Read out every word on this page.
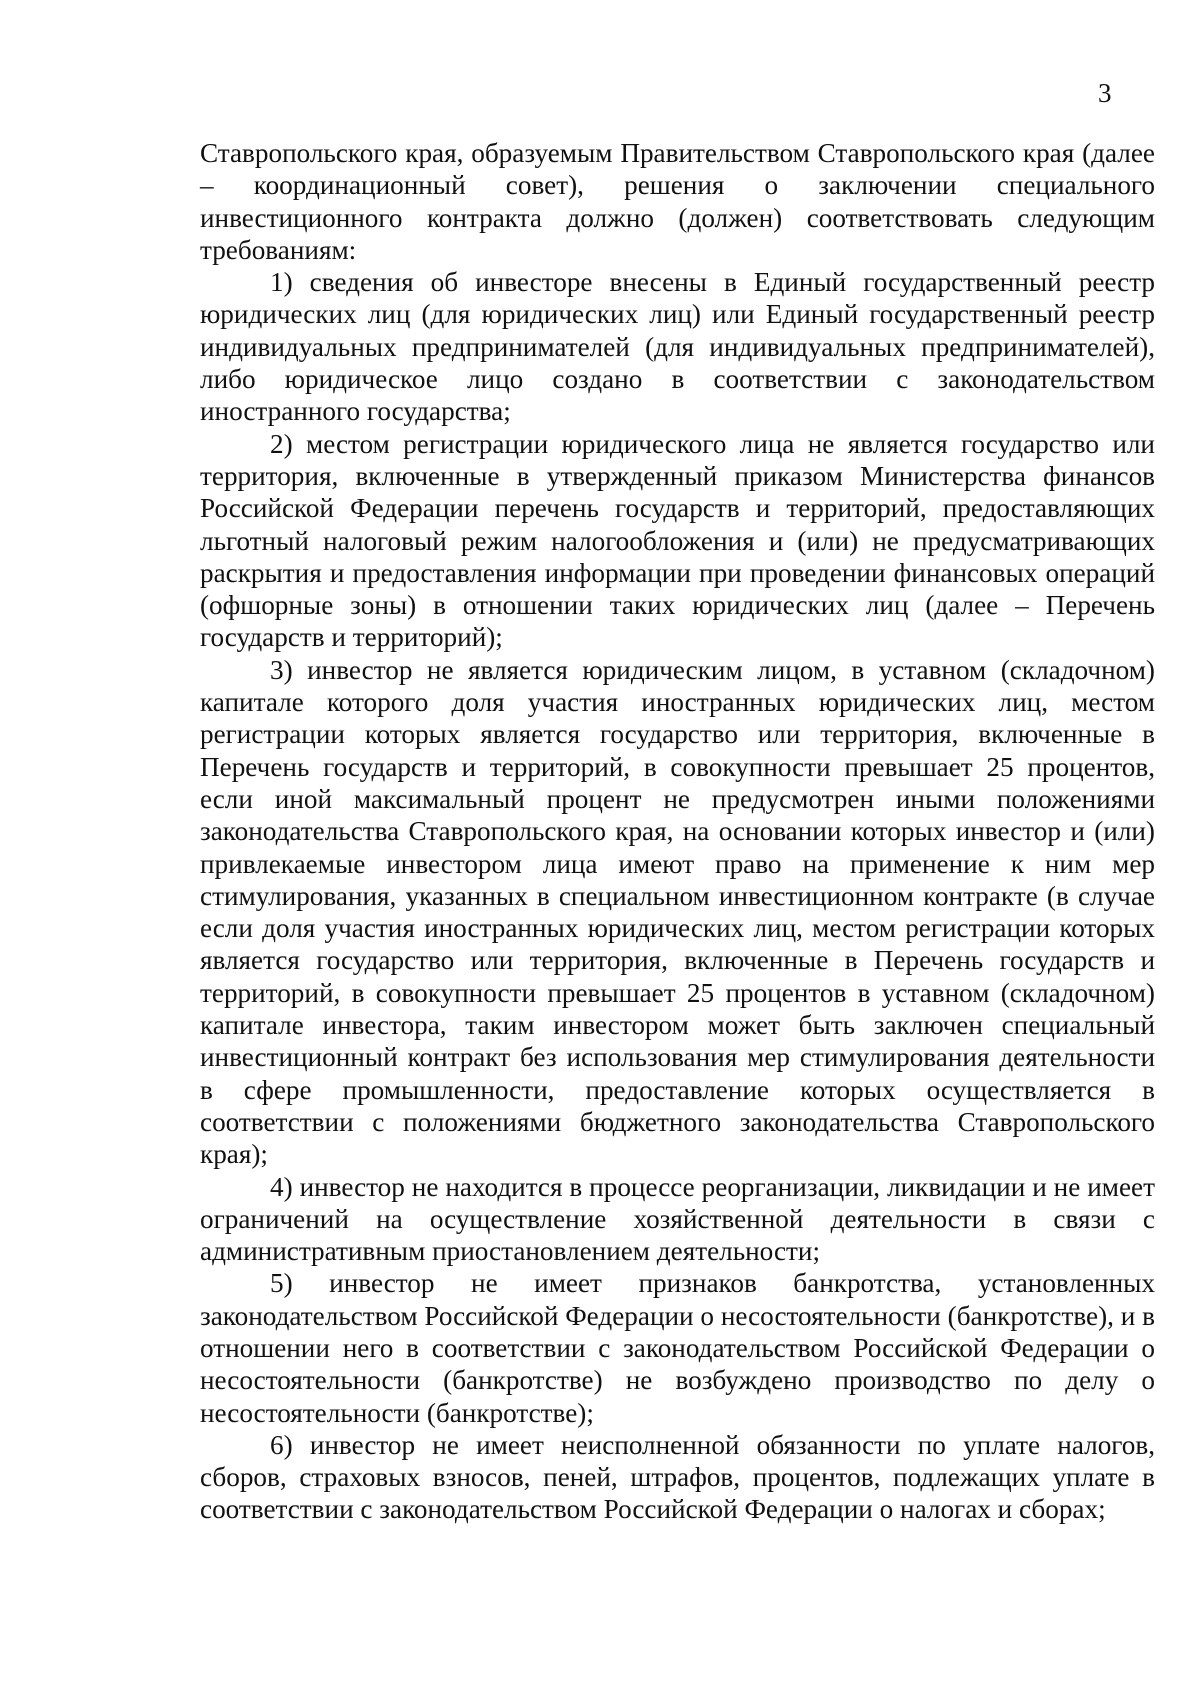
3

Ставропольского края, образуемым Правительством Ставропольского края (далее – координационный совет), решения о заключении специального инвестиционного контракта должно (должен) соответствовать следующим требованиям:

1) сведения об инвесторе внесены в Единый государственный реестр юридических лиц (для юридических лиц) или Единый государственный реестр индивидуальных предпринимателей (для индивидуальных предпринимателей), либо юридическое лицо создано в соответствии с законодательством иностранного государства;

2) местом регистрации юридического лица не является государство или территория, включенные в утвержденный приказом Министерства финансов Российской Федерации перечень государств и территорий, предоставляющих льготный налоговый режим налогообложения и (или) не предусматривающих раскрытия и предоставления информации при проведении финансовых операций (офшорные зоны) в отношении таких юридических лиц (далее – Перечень государств и территорий);

3) инвестор не является юридическим лицом, в уставном (складочном) капитале которого доля участия иностранных юридических лиц, местом регистрации которых является государство или территория, включенные в Перечень государств и территорий, в совокупности превышает 25 процентов, если иной максимальный процент не предусмотрен иными положениями законодательства Ставропольского края, на основании которых инвестор и (или) привлекаемые инвестором лица имеют право на применение к ним мер стимулирования, указанных в специальном инвестиционном контракте (в случае если доля участия иностранных юридических лиц, местом регистрации которых является государство или территория, включенные в Перечень государств и территорий, в совокупности превышает 25 процентов в уставном (складочном) капитале инвестора, таким инвестором может быть заключен специальный инвестиционный контракт без использования мер стимулирования деятельности в сфере промышленности, предоставление которых осуществляется в соответствии с положениями бюджетного законодательства Ставропольского края);

4) инвестор не находится в процессе реорганизации, ликвидации и не имеет ограничений на осуществление хозяйственной деятельности в связи с административным приостановлением деятельности;

5) инвестор не имеет признаков банкротства, установленных законодательством Российской Федерации о несостоятельности (банкротстве), и в отношении него в соответствии с законодательством Российской Федерации о несостоятельности (банкротстве) не возбуждено производство по делу о несостоятельности (банкротстве);

6) инвестор не имеет неисполненной обязанности по уплате налогов, сборов, страховых взносов, пеней, штрафов, процентов, подлежащих уплате в соответствии с законодательством Российской Федерации о налогах и сборах;
